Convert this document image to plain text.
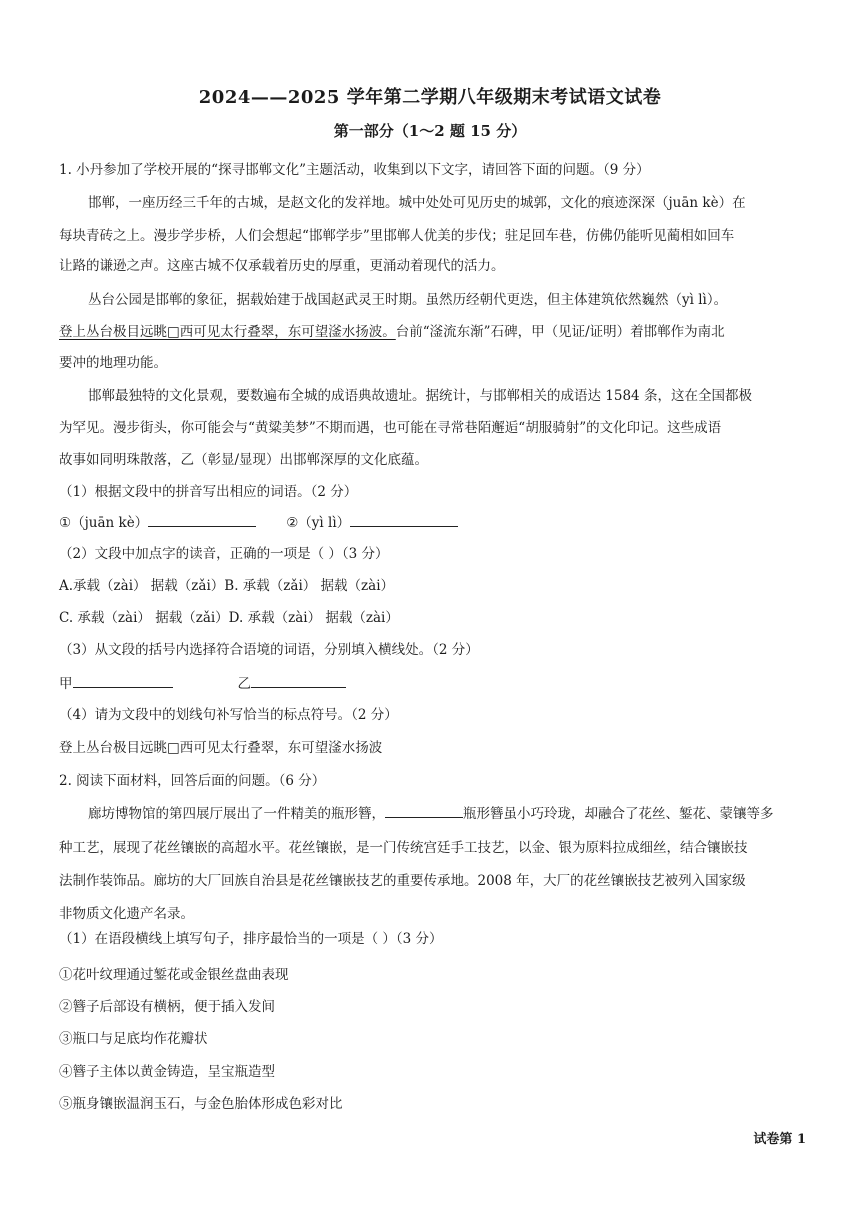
2024——2025 学年第二学期八年级期末考试语文试卷
第一部分（1～2 题 15 分）
1. 小丹参加了学校开展的“探寻邯郸文化”主题活动，收集到以下文字，请回答下面的问题。（9 分）
邯郸，一座历经三千年的古城，是赵文化的发祥地。城中处处可见历史的城郭，文化的痕迹深深（juān kè）在
每块青砖之上。漫步学步桥，人们会想起“邯郸学步”里邯郸人优美的步伐；驻足回车巷，仿佛仍能听见蔺相如回车
让路的谦逊之声。这座古城不仅承载着历史的厚重，更涌动着现代的活力。
丛台公园是邯郸的象征，据载始建于战国赵武灵王时期。虽然历经朝代更迭，但主体建筑依然巍然（yì lì）。
登上丛台极目远眺□西可见太行叠翠，东可望滏水扬波。台前“滏流东渐”石碑，甲（见证/证明）着邯郸作为南北
要冲的地理功能。
邯郸最独特的文化景观，要数遍布全城的成语典故遗址。据统计，与邯郸相关的成语达 1584 条，这在全国都极
为罕见。漫步街头，你可能会与“黄粱美梦”不期而遇，也可能在寻常巷陌邂逅“胡服骑射”的文化印记。这些成语
故事如同明珠散落，乙（彰显/显现）出邯郸深厚的文化底蕴。
（1）根据文段中的拼音写出相应的词语。（2 分）
①（juān kè）	②（yì lì）
（2）文段中加点字的读音，正确的一项是（ ）（3 分）
A.承载（zài） 据载（zǎi）B. 承载（zǎi） 据载（zài）
C. 承载（zài） 据载（zǎi）D. 承载（zài） 据载（zài）
（3）从文段的括号内选择符合语境的词语，分别填入横线处。（2 分）
甲	乙
（4）请为文段中的划线句补写恰当的标点符号。（2 分）
登上丛台极目远眺□西可见太行叠翠，东可望滏水扬波
2. 阅读下面材料，回答后面的问题。（6 分）
廊坊博物馆的第四展厅展出了一件精美的瓶形簪，	瓶形簪虽小巧玲珑，却融合了花丝、錾花、蒙镶等多
种工艺，展现了花丝镶嵌的高超水平。花丝镶嵌，是一门传统宫廷手工技艺，以金、银为原料拉成细丝，结合镶嵌技
法制作装饰品。廊坊的大厂回族自治县是花丝镶嵌技艺的重要传承地。2008 年，大厂的花丝镶嵌技艺被列入国家级
非物质文化遗产名录。
（1）在语段横线上填写句子，排序最恰当的一项是（ ）（3 分）
①花叶纹理通过錾花或金银丝盘曲表现
②簪子后部设有横柄，便于插入发间
③瓶口与足底均作花瓣状
④簪子主体以黄金铸造，呈宝瓶造型
⑤瓶身镶嵌温润玉石，与金色胎体形成色彩对比
试卷第 1
